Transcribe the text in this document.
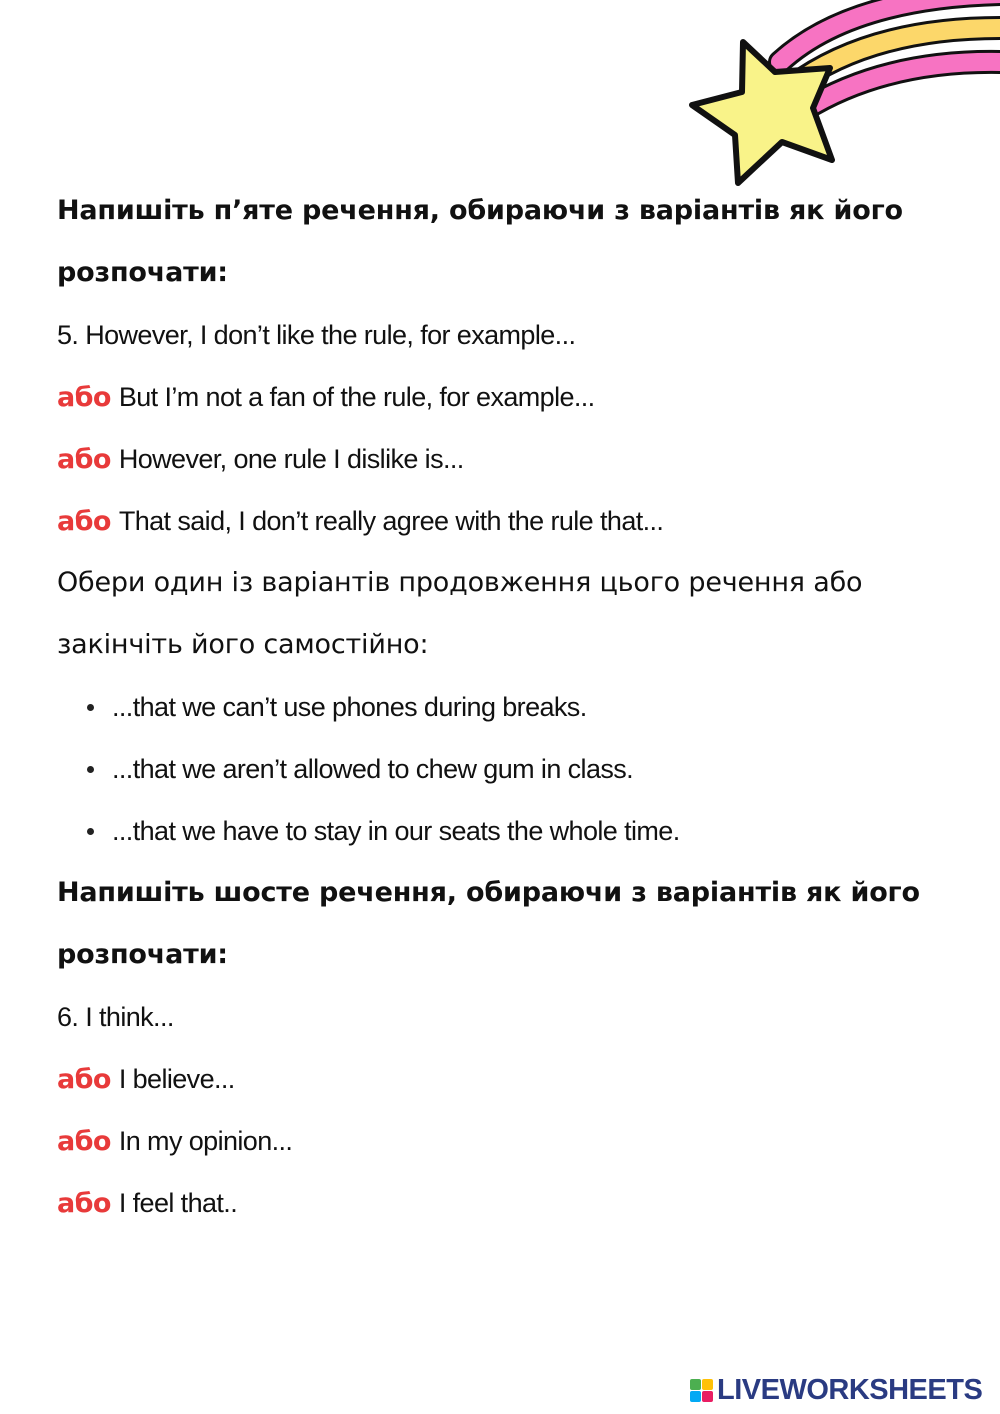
Напишіть п’яте речення, обираючи з варіантів як його
розпочати:
5. However, I don’t like the rule, for example...
або But I’m not a fan of the rule, for example...
або However, one rule I dislike is...
або That said, I don’t really agree with the rule that...
Обери один із варіантів продовження цього речення або
закінчіть його самостійно:
...that we can’t use phones during breaks.
...that we aren’t allowed to chew gum in class.
...that we have to stay in our seats the whole time.
Напишіть шосте речення, обираючи з варіантів як його
розпочати:
6. I think...
або I believe...
або In my opinion...
або I feel that..
LIVEWORKSHEETS
